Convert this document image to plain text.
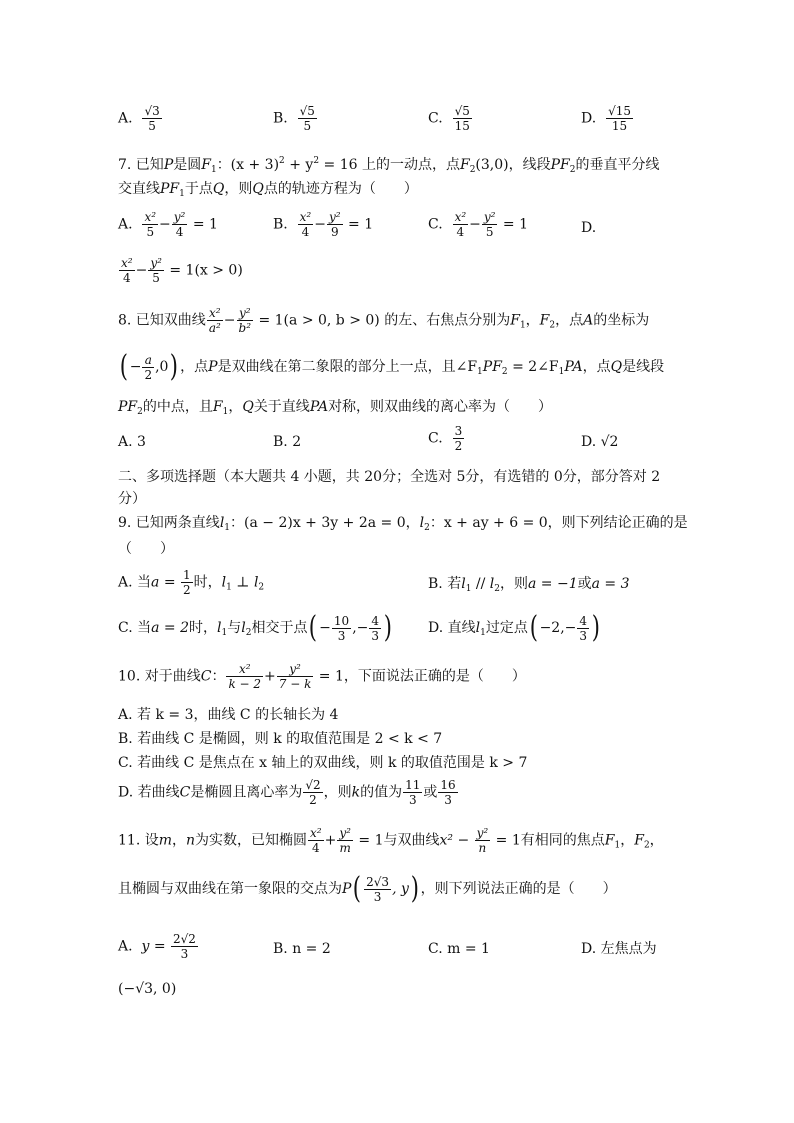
A. $\frac{√3}{5}$	B. $\frac{√5}{5}$	C. $\frac{√5}{15}$	D. $\frac{√15}{15}$
7. 已知P是圆$F_1$：$(x + 3)^2 + y^2 = 16$ 上的一动点，点$F_2(3,0)$，线段$PF_2$的垂直平分线
交直线$PF_1$于点Q，则Q点的轨迹方程为（　　）
A. $\frac{\text{x²}}{5} - \frac{\text{y²}}{4} = 1$	B. $\frac{\text{x²}}{4} - \frac{\text{y²}}{9} = 1$	C. $\frac{\text{x²}}{4} - \frac{\text{y²}}{5} = 1$	D.
$\frac{\text{x²}}{4} - \frac{\text{y²}}{5} = 1(x > 0)$
8. 已知双曲线 $\frac{\text{x²}}{\text{a²}} - \frac{\text{y²}}{\text{b²}} = 1(a > 0$, b > 0) 的左、右焦点分别为$F_1$，$F_2$，点A的坐标为
( − $\frac{a}{2} ,0$) ，点P是双曲线在第二象限的部分上一点，且$\angle F_1PF_2$ = $2\angle F_1PA$，点Q是线段
$PF_2$的中点，且$F_1$，Q关于直线PA对称，则双曲线的离心率为（　　）
A. 3	B. 2	C. $\frac{3}{2}$	D. √2
二、多项选择题（本大题共 4 小题，共 20分；全选对 5分，有选错的 0分，部分答对 2
分）
9. 已知两条直线$l_1$：(a − 2)x + 3y + 2a = 0，$l_2$：x + ay + 6 = 0，则下列结论正确的是
（　　）
A. 当$a = \frac{1}{2}$ 时，$l_1$ ⊥ $l_2$	B. 若$l_1 // l_2$，则a = −1或a = 3
C. 当a = 2时，$l_1$与$l_2$相交于点( − $\frac{10}{3}$ ,− $\frac{4}{3}$ )	D. 直线$l_1$过定点( $-2,- \frac{4}{3}$ )
10. 对于曲线C： $\frac{\text{x²}}{k - 2} + \frac{\text{y²}}{7 - k} = 1$，下面说法正确的是（　　）
A. 若 k = 3，曲线 C 的长轴长为 4
B. 若曲线 C 是椭圆，则 k 的取值范围是 2 < k < 7
C. 若曲线 C 是焦点在 x 轴上的双曲线，则 k 的取值范围是 k > 7
D. 若曲线C是椭圆且离心率为 $\frac{√2}{2}$ ，则k的值为 $\frac{11}{3}$ 或 $\frac{16}{3}$
11. 设m，n为实数，已知椭圆 $\frac{\text{x²}}{4} + \frac{\text{y²}}{m} = 1$与双曲线$x^2 - \frac{\text{y²}}{n} = 1$有相同的焦点$F_1$，$F_2$，
且椭圆与双曲线在第一象限的交点为$P( \frac{2√3}{3}$ , y) ，则下列说法正确的是（　　）
A. $y = \frac{2√2}{3}$	B. n = 2	C. m = 1	D. 左焦点为
(−√3, 0)
